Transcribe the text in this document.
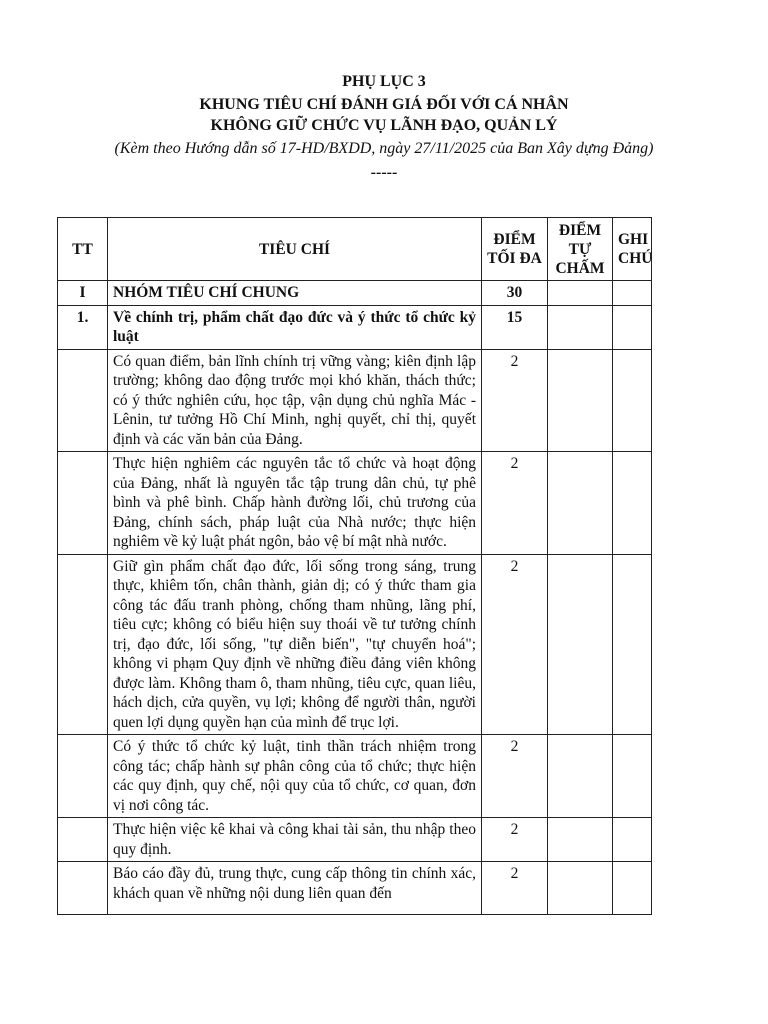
PHỤ LỤC 3
KHUNG TIÊU CHÍ ĐÁNH GIÁ ĐỐI VỚI CÁ NHÂN
KHÔNG GIỮ CHỨC VỤ LÃNH ĐẠO, QUẢN LÝ
(Kèm theo Hướng dẫn số 17-HD/BXDD, ngày 27/11/2025 của Ban Xây dựng Đảng)
-----
TT	TIÊU CHÍ	ĐIỂM TỐI ĐA	ĐIỂM TỰ CHẤM	GHI CHÚ
I	NHÓM TIÊU CHÍ CHUNG	30		
1.	Về chính trị, phẩm chất đạo đức và ý thức tổ chức kỷ luật	15		
	Có quan điểm, bản lĩnh chính trị vững vàng; kiên định lập trường; không dao động trước mọi khó khăn, thách thức; có ý thức nghiên cứu, học tập, vận dụng chủ nghĩa Mác - Lênin, tư tưởng Hồ Chí Minh, nghị quyết, chỉ thị, quyết định và các văn bản của Đảng.	2		
	Thực hiện nghiêm các nguyên tắc tổ chức và hoạt động của Đảng, nhất là nguyên tắc tập trung dân chủ, tự phê bình và phê bình. Chấp hành đường lối, chủ trương của Đảng, chính sách, pháp luật của Nhà nước; thực hiện nghiêm về kỷ luật phát ngôn, bảo vệ bí mật nhà nước.	2		
	Giữ gìn phẩm chất đạo đức, lối sống trong sáng, trung thực, khiêm tốn, chân thành, giản dị; có ý thức tham gia công tác đấu tranh phòng, chống tham nhũng, lãng phí, tiêu cực; không có biểu hiện suy thoái về tư tưởng chính trị, đạo đức, lối sống, "tự diễn biến", "tự chuyển hoá"; không vi phạm Quy định về những điều đảng viên không được làm. Không tham ô, tham nhũng, tiêu cực, quan liêu, hách dịch, cửa quyền, vụ lợi; không để người thân, người quen lợi dụng quyền hạn của mình để trục lợi.	2		
	Có ý thức tổ chức kỷ luật, tinh thần trách nhiệm trong công tác; chấp hành sự phân công của tổ chức; thực hiện các quy định, quy chế, nội quy của tổ chức, cơ quan, đơn vị nơi công tác.	2		
	Thực hiện việc kê khai và công khai tài sản, thu nhập theo quy định.	2		

	Báo cáo đầy đủ, trung thực, cung cấp thông tin chính xác, khách quan về những nội dung liên quan đến	2		
